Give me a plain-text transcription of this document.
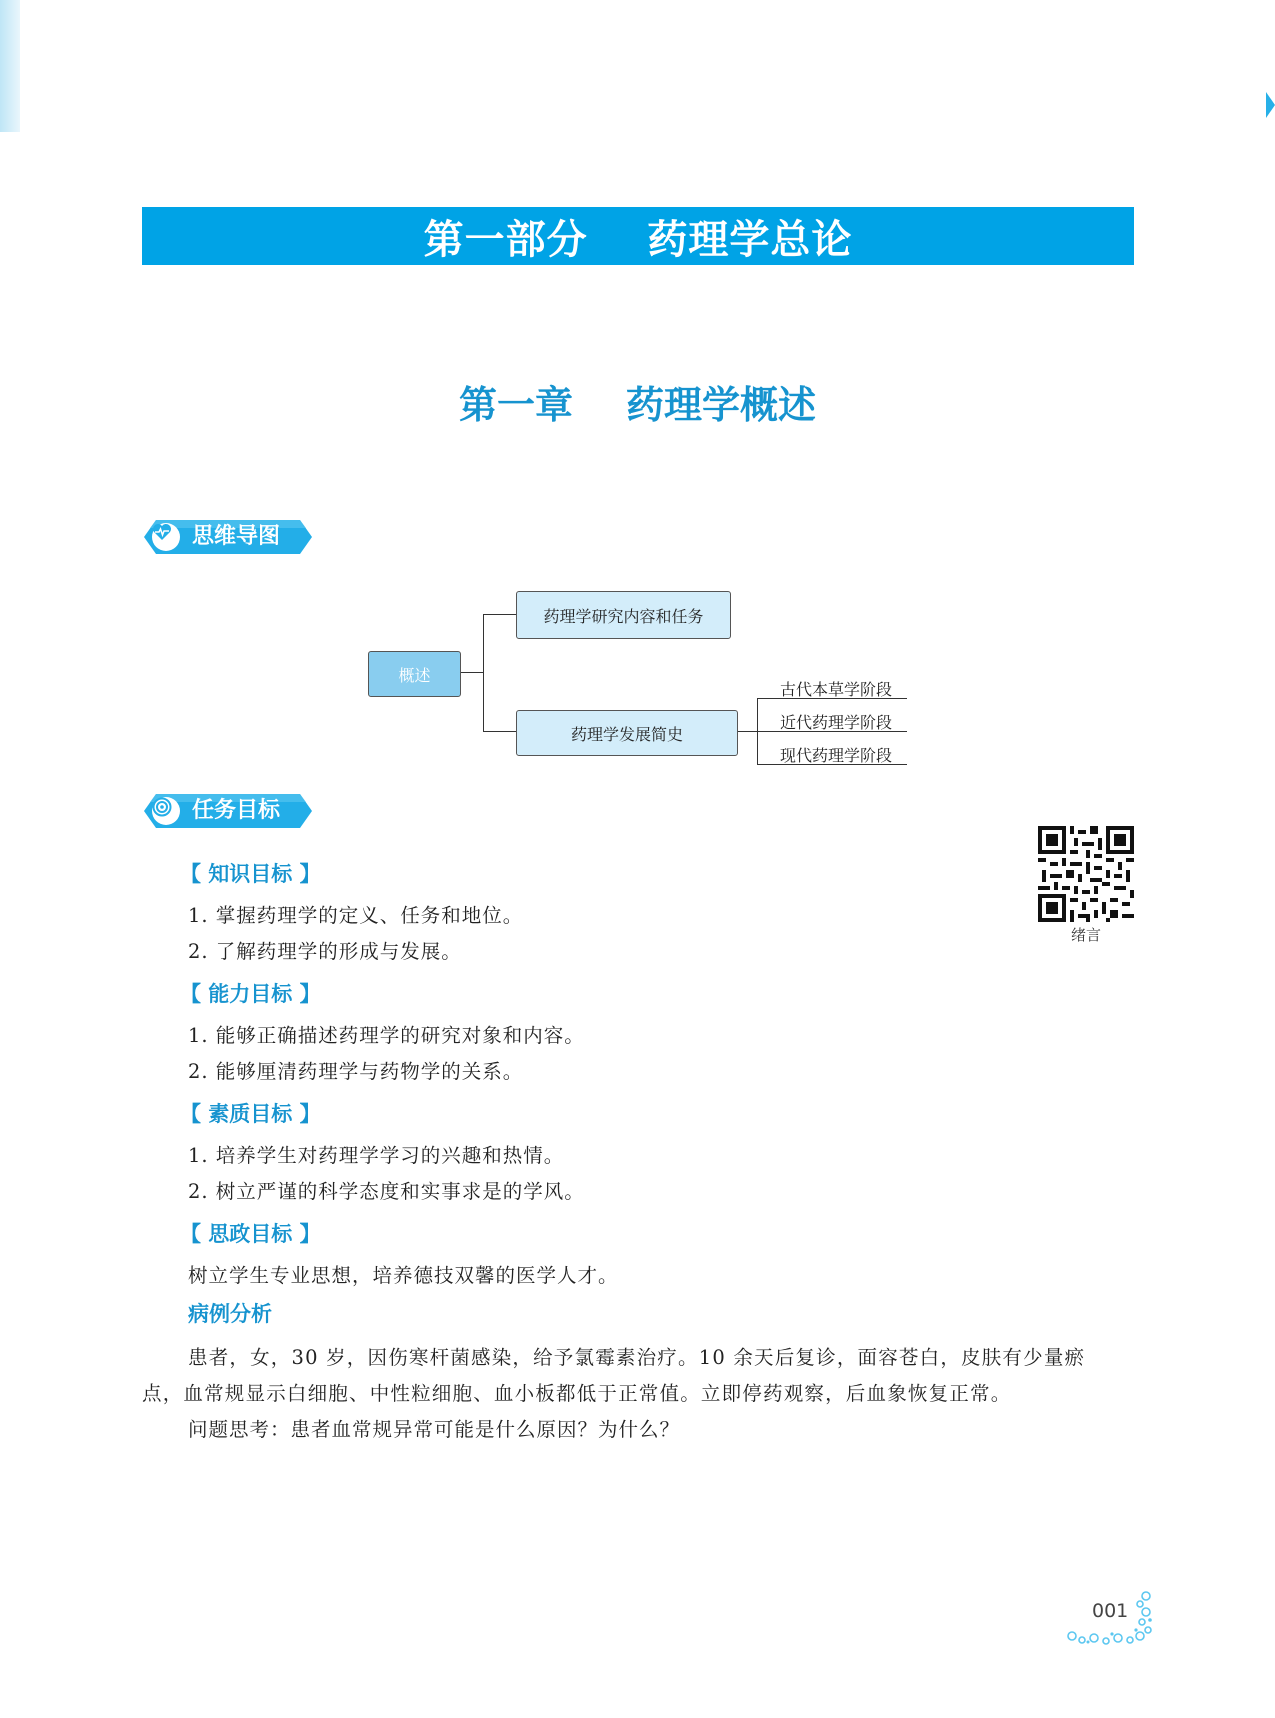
第一部分    药理学总论
第一章    药理学概述
思维导图
概述
药理学研究内容和任务
药理学发展简史
古代本草学阶段
近代药理学阶段
现代药理学阶段
任务目标
绪言
【 知识目标 】
1. 掌握药理学的定义、任务和地位。
2. 了解药理学的形成与发展。
【 能力目标 】
1. 能够正确描述药理学的研究对象和内容。
2. 能够厘清药理学与药物学的关系。
【 素质目标 】
1. 培养学生对药理学学习的兴趣和热情。
2. 树立严谨的科学态度和实事求是的学风。
【 思政目标 】
树立学生专业思想，培养德技双馨的医学人才。
病例分析
患者，女，30 岁，因伤寒杆菌感染，给予氯霉素治疗。10 余天后复诊，面容苍白，皮肤有少量瘀
点，血常规显示白细胞、中性粒细胞、血小板都低于正常值。立即停药观察，后血象恢复正常。
问题思考：患者血常规异常可能是什么原因？为什么？
001
